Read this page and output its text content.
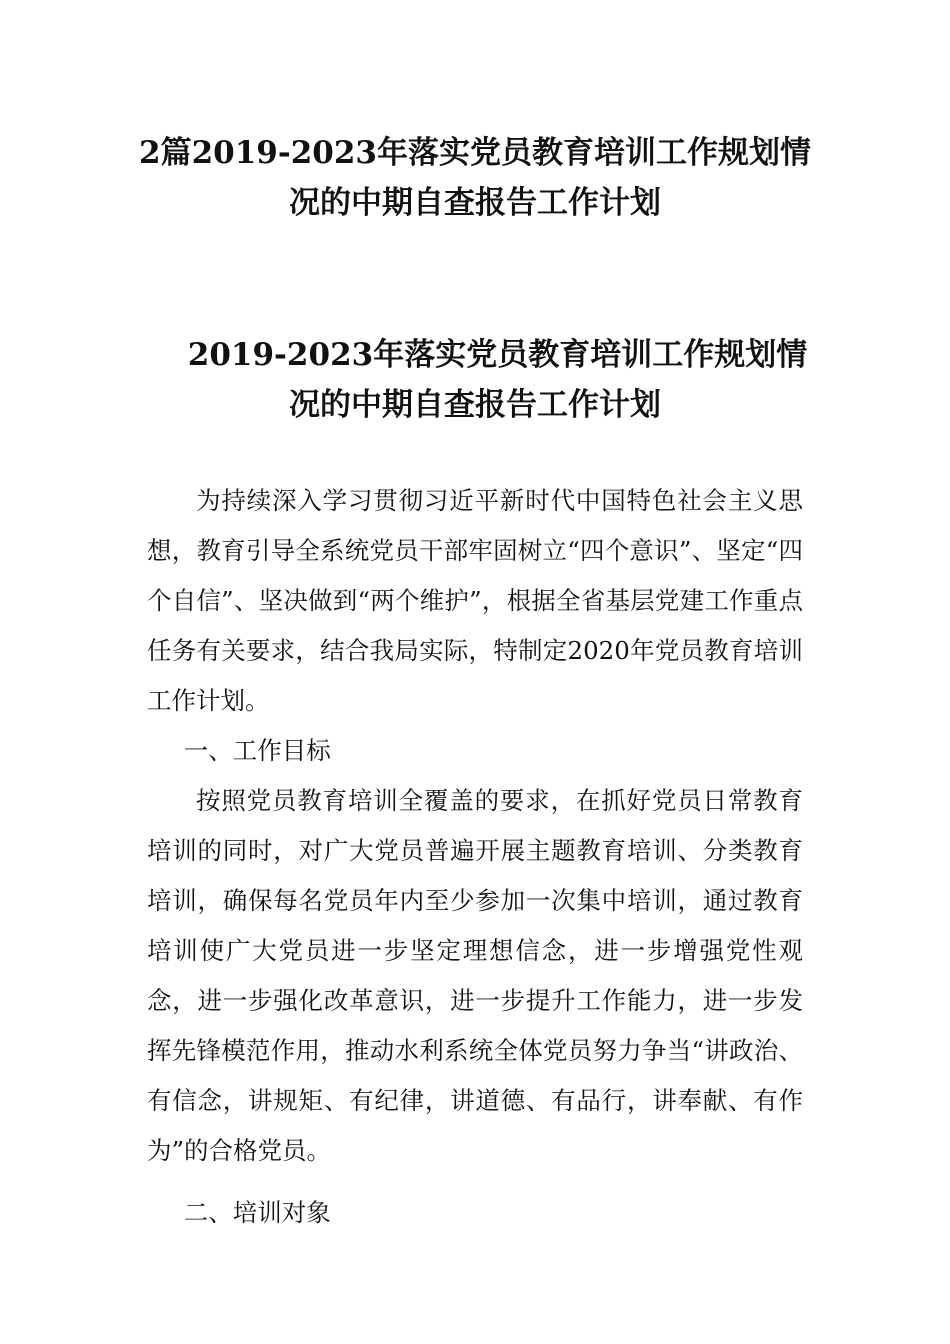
2篇2019-2023年落实党员教育培训工作规划情
况的中期自查报告工作计划
2019-2023年落实党员教育培训工作规划情
况的中期自查报告工作计划

为持续深入学习贯彻习近平新时代中国特色社会主义思想，教育引导全系统党员干部牢固树立“四个意识”、坚定“四个自信”、坚决做到“两个维护”，根据全省基层党建工作重点任务有关要求，结合我局实际，特制定2020年党员教育培训工作计划。

一、工作目标

按照党员教育培训全覆盖的要求，在抓好党员日常教育培训的同时，对广大党员普遍开展主题教育培训、分类教育培训，确保每名党员年内至少参加一次集中培训，通过教育培训使广大党员进一步坚定理想信念，进一步增强党性观念，进一步强化改革意识，进一步提升工作能力，进一步发挥先锋模范作用，推动水利系统全体党员努力争当“讲政治、有信念，讲规矩、有纪律，讲道德、有品行，讲奉献、有作为”的合格党员。

二、培训对象
